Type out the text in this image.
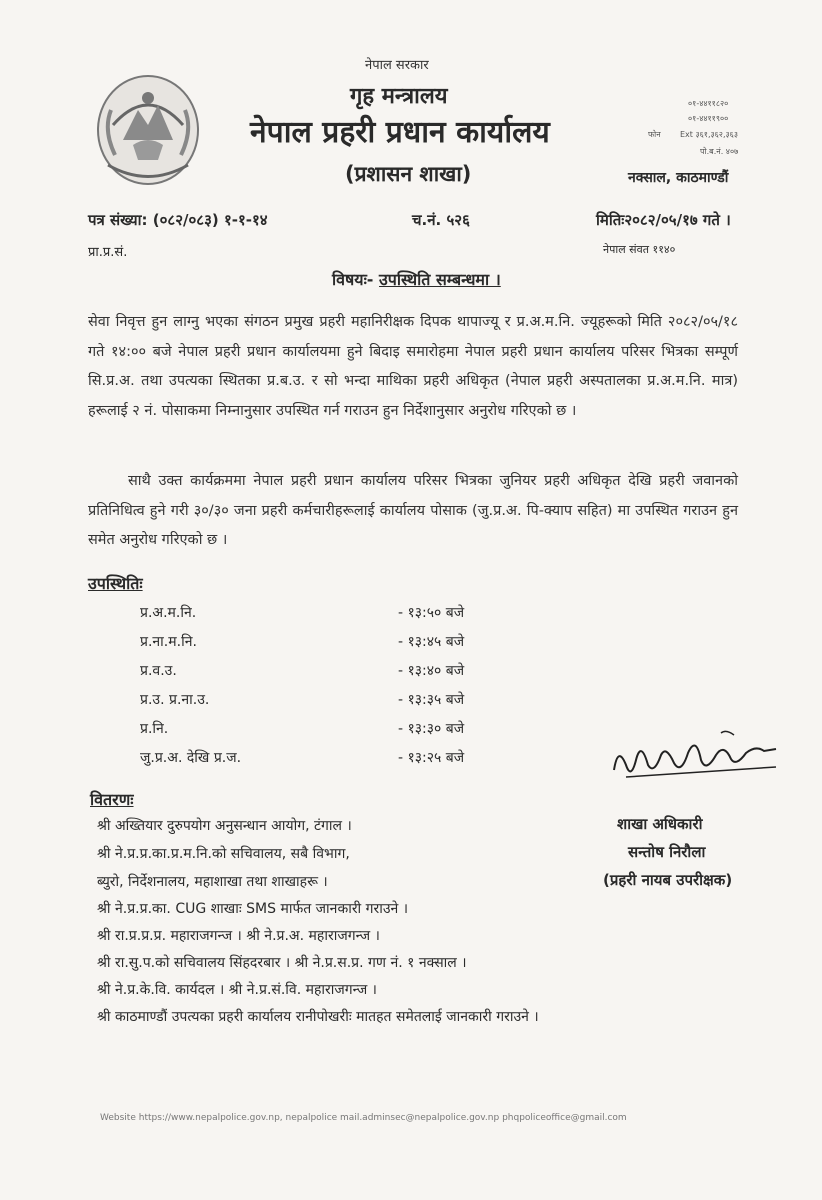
नेपाल सरकार
गृह मन्त्रालय
नेपाल प्रहरी प्रधान कार्यालय
(प्रशासन शाखा)
०१-४४११८२०
०१-४४११९००
फोन Ext ३६१,३६२,३६३
पो.ब.नं. ४०७
नक्साल, काठमाण्डौं
पत्र संख्या: (०८२/०८३) १-१-१४	च.नं. ५२६	मितिः२०८२/०५/१७ गते ।
प्रा.प्र.सं.	नेपाल संवत ११४०
विषयः- उपस्थिति सम्बन्धमा ।
सेवा निवृत्त हुन लाग्नु भएका संगठन प्रमुख प्रहरी महानिरीक्षक दिपक थापाज्यू र प्र.अ.म.नि. ज्यूहरूको मिति २०८२/०५/१८ गते १४:०० बजे नेपाल प्रहरी प्रधान कार्यालयमा हुने बिदाइ समारोहमा नेपाल प्रहरी प्रधान कार्यालय परिसर भित्रका सम्पूर्ण सि.प्र.अ. तथा उपत्यका स्थितका प्र.ब.उ. र सो भन्दा माथिका प्रहरी अधिकृत (नेपाल प्रहरी अस्पतालका प्र.अ.म.नि. मात्र) हरूलाई २ नं. पोसाकमा निम्नानुसार उपस्थित गर्न गराउन हुन निर्देशानुसार अनुरोध गरिएको छ ।
साथै उक्त कार्यक्रममा नेपाल प्रहरी प्रधान कार्यालय परिसर भित्रका जुनियर प्रहरी अधिकृत देखि प्रहरी जवानको प्रतिनिधित्व हुने गरी ३०/३० जना प्रहरी कर्मचारीहरूलाई कार्यालय पोसाक (जु.प्र.अ. पि-क्याप सहित) मा उपस्थित गराउन हुन समेत अनुरोध गरिएको छ ।
उपस्थितिः
प्र.अ.म.नि.	- १३:५० बजे
प्र.ना.म.नि.	- १३:४५ बजे
प्र.व.उ.	- १३:४० बजे
प्र.उ. प्र.ना.उ.	- १३:३५ बजे
प्र.नि.	- १३:३० बजे
जु.प्र.अ. देखि प्र.ज.	- १३:२५ बजे
वितरणः
श्री अख्तियार दुरुपयोग अनुसन्धान आयोग, टंगाल ।
श्री ने.प्र.प्र.का.प्र.म.नि.को सचिवालय, सबै विभाग,
ब्युरो, निर्देशनालय, महाशाखा तथा शाखाहरू ।
श्री ने.प्र.प्र.का. CUG शाखाः SMS मार्फत जानकारी गराउने ।
श्री रा.प्र.प्र.प्र. महाराजगन्ज । श्री ने.प्र.अ. महाराजगन्ज ।
श्री रा.सु.प.को सचिवालय सिंहदरबार । श्री ने.प्र.स.प्र. गण नं. १ नक्साल ।
श्री ने.प्र.के.वि. कार्यदल । श्री ने.प्र.सं.वि. महाराजगन्ज ।
श्री काठमाण्डौं उपत्यका प्रहरी कार्यालय रानीपोखरीः मातहत समेतलाई जानकारी गराउने ।
शाखा अधिकारी
सन्तोष निरौला
(प्रहरी नायब उपरीक्षक)
Website https://www.nepalpolice.gov.np, nepalpolice mail.adminsec@nepalpolice.gov.np phqpoliceoffice@gmail.com
